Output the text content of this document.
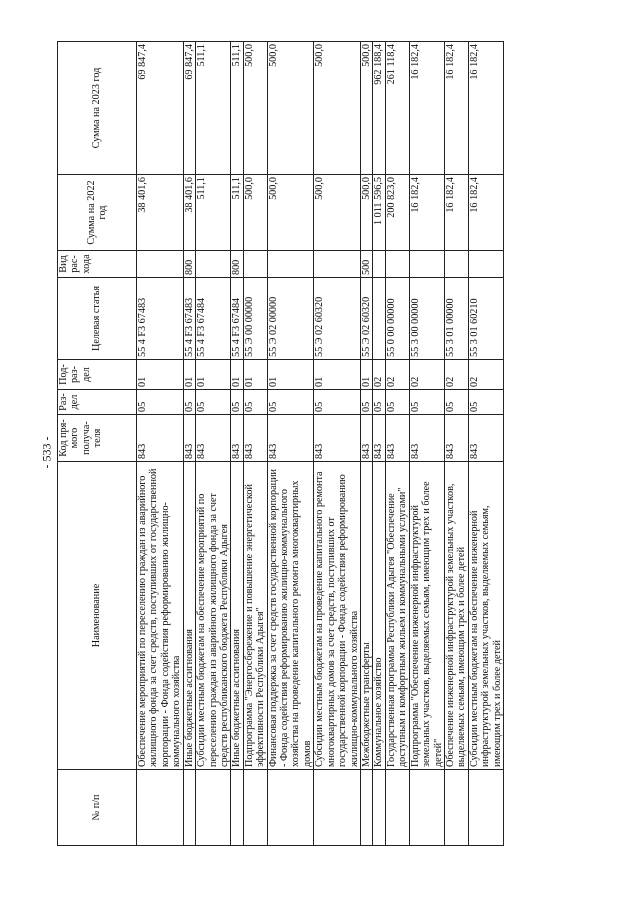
- 533 -
№ п/п	Наименование	Код пря- мого получа- теля	Раз- дел	Под- раз- дел	Целевая статья	Вид рас- хода	Сумма на 2022 год	Сумма на 2023 год
	Обеспечение мероприятий по переселению граждан из аварийного жилищного фонда за счет средств, поступивших от государственной корпорации - Фонда содействия реформированию жилищно-коммунального хозяйства	843	05	01	55 4 F3 67483		38 401,6	69 847,4
	Иные бюджетные ассигнования	843	05	01	55 4 F3 67483	800	38 401,6	69 847,4
	Субсидии местным бюджетам на обеспечение мероприятий по переселению граждан из аварийного жилищного фонда за счет средств республиканского бюджета Республики Адыгея	843	05	01	55 4 F3 67484		511,1	511,1
	Иные бюджетные ассигнования	843	05	01	55 4 F3 67484	800	511,1	511,1
	Подпрограмма "Энергосбережение и повышение энергетической эффективности Республики Адыгея"	843	05	01	55 Э 00 00000		500,0	500,0
	Финансовая поддержка за счет средств государственной корпорации - Фонда содействия реформированию жилищно-коммунального хозяйства на проведение капитального ремонта многоквартирных домов	843	05	01	55 Э 02 00000		500,0	500,0
	Субсидии местным бюджетам на проведение капитального ремонта многоквартирных домов за счет средств, поступивших от государственной корпорации - Фонда содействия реформированию жилищно-коммунального хозяйства	843	05	01	55 Э 02 60320		500,0	500,0
	Межбюджетные трансферты	843	05	01	55 Э 02 60320	500	500,0	500,0
	Коммунальное хозяйство	843	05	02			1 011 596,5	962 188,4
	Государственная программа Республики Адыгея "Обеспечение доступным и комфортным жильем и коммунальными услугами"	843	05	02	55 0 00 00000		200 823,0	261 118,4
	Подпрограмма "Обеспечение инженерной инфраструктурой земельных участков, выделяемых семьям, имеющим трех и более детей"	843	05	02	55 3 00 00000		16 182,4	16 182,4
	Обеспечение инженерной инфраструктурой земельных участков, выделяемых семьям, имеющим трех и более детей	843	05	02	55 3 01 00000		16 182,4	16 182,4
	Субсидии местным бюджетам на обеспечение инженерной инфраструктурой земельных участков, выделяемых семьям, имеющим трех и более детей	843	05	02	55 3 01 60210		16 182,4	16 182,4
